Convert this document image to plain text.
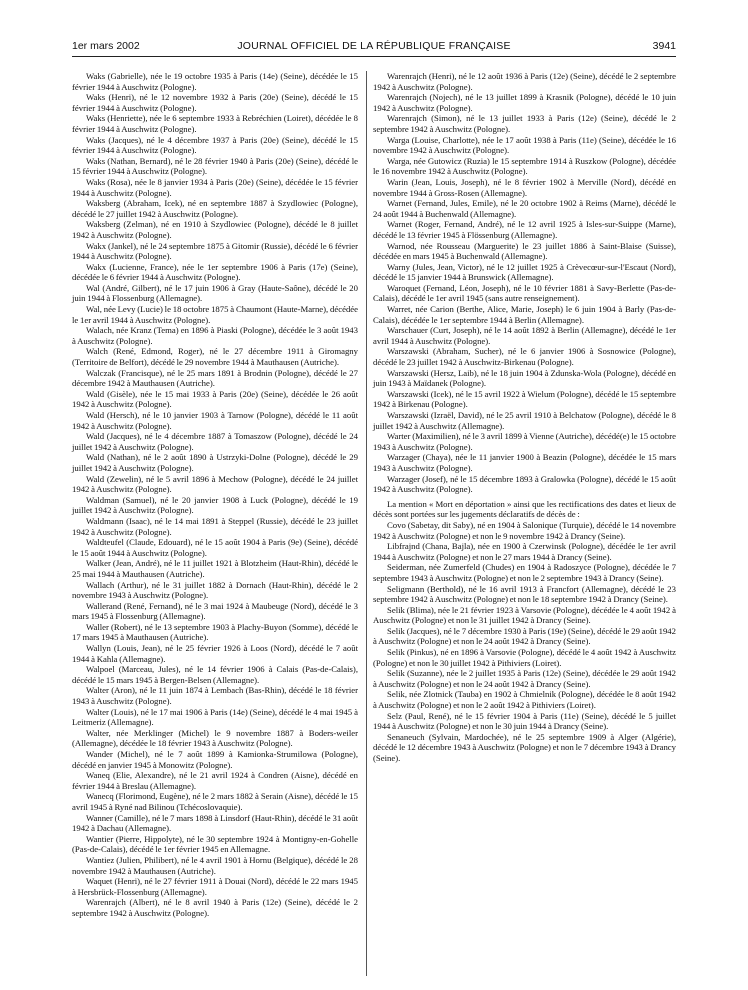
1er mars 2002	JOURNAL OFFICIEL DE LA RÉPUBLIQUE FRANÇAISE	3941

Waks (Gabrielle), née le 19 octobre 1935 à Paris (14e) (Seine), décédée le 15 février 1944 à Auschwitz (Pologne).

Waks (Henri), né le 12 novembre 1932 à Paris (20e) (Seine), décédé le 15 février 1944 à Auschwitz (Pologne).

Waks (Henriette), née le 6 septembre 1933 à Rebréchien (Loiret), décédée le 8 février 1944 à Auschwitz (Pologne).

Waks (Jacques), né le 4 décembre 1937 à Paris (20e) (Seine), décédé le 15 février 1944 à Auschwitz (Pologne).

Waks (Nathan, Bernard), né le 28 février 1940 à Paris (20e) (Seine), décédé le 15 février 1944 à Auschwitz (Pologne).

Waks (Rosa), née le 8 janvier 1934 à Paris (20e) (Seine), décédée le 15 février 1944 à Auschwitz (Pologne).

Waksberg (Abraham, Icek), né en septembre 1887 à Szydlowiec (Pologne), décédé le 27 juillet 1942 à Auschwitz (Pologne).

Waksberg (Zelman), né en 1910 à Szydlowiec (Pologne), décédé le 8 juillet 1942 à Auschwitz (Pologne).

Wakx (Jankel), né le 24 septembre 1875 à Gitomir (Russie), décédé le 6 février 1944 à Auschwitz (Pologne).

Wakx (Lucienne, France), née le 1er septembre 1906 à Paris (17e) (Seine), décédée le 6 février 1944 à Auschwitz (Pologne).

Wal (André, Gilbert), né le 17 juin 1906 à Gray (Haute-Saône), décédé le 20 juin 1944 à Flossenburg (Allemagne).

Wal, née Levy (Lucie) le 18 octobre 1875 à Chaumont (Haute-Marne), décédée le 1er avril 1944 à Auschwitz (Pologne).

Walach, née Kranz (Tema) en 1896 à Piaski (Pologne), décédée le 3 août 1943 à Auschwitz (Pologne).

Walch (René, Edmond, Roger), né le 27 décembre 1911 à Giromagny (Territoire de Belfort), décédé le 29 novembre 1944 à Mauthausen (Autriche).

Walczak (Francisque), né le 25 mars 1891 à Brodnin (Pologne), décédé le 27 décembre 1942 à Mauthausen (Autriche).

Wald (Gisèle), née le 15 mai 1933 à Paris (20e) (Seine), décédée le 26 août 1942 à Auschwitz (Pologne).

Wald (Hersch), né le 10 janvier 1903 à Tarnow (Pologne), décédé le 11 août 1942 à Auschwitz (Pologne).

Wald (Jacques), né le 4 décembre 1887 à Tomaszow (Pologne), décédé le 24 juillet 1942 à Auschwitz (Pologne).

Wald (Nathan), né le 2 août 1890 à Ustrzyki-Dolne (Pologne), décédé le 29 juillet 1942 à Auschwitz (Pologne).

Wald (Zewelin), né le 5 avril 1896 à Mechow (Pologne), décédé le 24 juillet 1942 à Auschwitz (Pologne).

Waldman (Samuel), né le 20 janvier 1908 à Luck (Pologne), décédé le 19 juillet 1942 à Auschwitz (Pologne).

Waldmann (Isaac), né le 14 mai 1891 à Steppel (Russie), décédé le 23 juillet 1942 à Auschwitz (Pologne).

Waldteufel (Claude, Edouard), né le 15 août 1904 à Paris (9e) (Seine), décédé le 15 août 1944 à Auschwitz (Pologne).

Walker (Jean, André), né le 11 juillet 1921 à Blotzheim (Haut-Rhin), décédé le 25 mai 1944 à Mauthausen (Autriche).

Wallach (Arthur), né le 31 juillet 1882 à Dornach (Haut-Rhin), décédé le 2 novembre 1943 à Auschwitz (Pologne).

Wallerand (René, Fernand), né le 3 mai 1924 à Maubeuge (Nord), décédé le 3 mars 1945 à Flossenburg (Allemagne).

Waller (Robert), né le 13 septembre 1903 à Plachy-Buyon (Somme), décédé le 17 mars 1945 à Mauthausen (Autriche).

Wallyn (Louis, Jean), né le 25 février 1926 à Loos (Nord), décédé le 7 août 1944 à Kahla (Allemagne).

Walpoel (Marceau, Jules), né le 14 février 1906 à Calais (Pas-de-Calais), décédé le 15 mars 1945 à Bergen-Belsen (Allemagne).

Walter (Aron), né le 11 juin 1874 à Lembach (Bas-Rhin), décédé le 18 février 1943 à Auschwitz (Pologne).

Walter (Louis), né le 17 mai 1906 à Paris (14e) (Seine), décédé le 4 mai 1945 à Leitmeriz (Allemagne).

Walter, née Merklinger (Michel) le 9 novembre 1887 à Boders-weiler (Allemagne), décédée le 18 février 1943 à Auschwitz (Pologne).

Wander (Michel), né le 7 août 1899 à Kamionka-Strumilowa (Pologne), décédé en janvier 1945 à Monowitz (Pologne).

Waneq (Elie, Alexandre), né le 21 avril 1924 à Condren (Aisne), décédé en février 1944 à Breslau (Allemagne).

Wanecq (Florimond, Eugène), né le 2 mars 1882 à Serain (Aisne), décédé le 15 avril 1945 à Ryné nad Bilinou (Tchécoslovaquie).

Wanner (Camille), né le 7 mars 1898 à Linsdorf (Haut-Rhin), décédé le 31 août 1942 à Dachau (Allemagne).

Wantier (Pierre, Hippolyte), né le 30 septembre 1924 à Montigny-en-Gohelle (Pas-de-Calais), décédé le 1er février 1945 en Allemagne.

Wantiez (Julien, Philibert), né le 4 avril 1901 à Hornu (Belgique), décédé le 28 novembre 1942 à Mauthausen (Autriche).

Waquet (Henri), né le 27 février 1911 à Douai (Nord), décédé le 22 mars 1945 à Hersbrück-Flossenburg (Allemagne).

Warenrajch (Albert), né le 8 avril 1940 à Paris (12e) (Seine), décédé le 2 septembre 1942 à Auschwitz (Pologne).

Warenrajch (Henri), né le 12 août 1936 à Paris (12e) (Seine), décédé le 2 septembre 1942 à Auschwitz (Pologne).

Warenrajch (Nojech), né le 13 juillet 1899 à Krasnik (Pologne), décédé le 10 juin 1942 à Auschwitz (Pologne).

Warenrajch (Simon), né le 13 juillet 1933 à Paris (12e) (Seine), décédé le 2 septembre 1942 à Auschwitz (Pologne).

Warga (Louise, Charlotte), née le 17 août 1938 à Paris (11e) (Seine), décédée le 16 novembre 1942 à Auschwitz (Pologne).

Warga, née Gutowicz (Ruzia) le 15 septembre 1914 à Ruszkow (Pologne), décédée le 16 novembre 1942 à Auschwitz (Pologne).

Warin (Jean, Louis, Joseph), né le 8 février 1902 à Merville (Nord), décédé en novembre 1944 à Gross-Rosen (Allemagne).

Warnet (Fernand, Jules, Emile), né le 20 octobre 1902 à Reims (Marne), décédé le 24 août 1944 à Buchenwald (Allemagne).

Warnet (Roger, Fernand, André), né le 12 avril 1925 à Isles-sur-Suippe (Marne), décédé le 13 février 1945 à Flössenburg (Allemagne).

Warnod, née Rousseau (Marguerite) le 23 juillet 1886 à Saint-Blaise (Suisse), décédée en mars 1945 à Buchenwald (Allemagne).

Warny (Jules, Jean, Victor), né le 12 juillet 1925 à Crèvecœur-sur-l'Escaut (Nord), décédé le 15 janvier 1944 à Brunswick (Allemagne).

Waroquet (Fernand, Léon, Joseph), né le 10 février 1881 à Savy-Berlette (Pas-de-Calais), décédé le 1er avril 1945 (sans autre renseignement).

Warret, née Carion (Berthe, Alice, Marie, Joseph) le 6 juin 1904 à Barly (Pas-de-Calais), décédée le 1er septembre 1944 à Berlin (Allemagne).

Warschauer (Curt, Joseph), né le 14 août 1892 à Berlin (Allemagne), décédé le 1er avril 1944 à Auschwitz (Pologne).

Warszawski (Abraham, Sucher), né le 6 janvier 1906 à Sosnowice (Pologne), décédé le 23 juillet 1942 à Auschwitz-Birkenau (Pologne).

Warszawski (Hersz, Laib), né le 18 juin 1904 à Zdunska-Wola (Pologne), décédé en juin 1943 à Maïdanek (Pologne).

Warszawski (Icek), né le 15 avril 1922 à Wielum (Pologne), décédé le 15 septembre 1942 à Birkenau (Pologne).

Warszawski (Izraël, David), né le 25 avril 1910 à Belchatow (Pologne), décédé le 8 juillet 1942 à Auschwitz (Allemagne).

Warter (Maximilien), né le 3 avril 1899 à Vienne (Autriche), décédé(e) le 15 octobre 1943 à Auschwitz (Pologne).

Warzager (Chaya), née le 11 janvier 1900 à Beazin (Pologne), décédée le 15 mars 1943 à Auschwitz (Pologne).

Warzager (Josef), né le 15 décembre 1893 à Gralowka (Pologne), décédé le 15 août 1942 à Auschwitz (Pologne).

La mention « Mort en déportation » ainsi que les rectifications des dates et lieux de décès sont portées sur les jugements déclaratifs de décès de :

Covo (Sabetay, dit Saby), né en 1904 à Salonique (Turquie), décédé le 14 novembre 1942 à Auschwitz (Pologne) et non le 9 novembre 1942 à Drancy (Seine).

Libfrajnd (Chana, Bajla), née en 1900 à Czerwinsk (Pologne), décédée le 1er avril 1944 à Auschwitz (Pologne) et non le 27 mars 1944 à Drancy (Seine).

Seiderman, née Zumerfeld (Chudes) en 1904 à Radoszyce (Pologne), décédée le 7 septembre 1943 à Auschwitz (Pologne) et non le 2 septembre 1943 à Drancy (Seine).

Seligmann (Berthold), né le 16 avril 1913 à Francfort (Allemagne), décédé le 23 septembre 1942 à Auschwitz (Pologne) et non le 18 septembre 1942 à Drancy (Seine).

Selik (Blima), née le 21 février 1923 à Varsovie (Pologne), décédée le 4 août 1942 à Auschwitz (Pologne) et non le 31 juillet 1942 à Drancy (Seine).

Selik (Jacques), né le 7 décembre 1930 à Paris (19e) (Seine), décédé le 29 août 1942 à Auschwitz (Pologne) et non le 24 août 1942 à Drancy (Seine).

Selik (Pinkus), né en 1896 à Varsovie (Pologne), décédé le 4 août 1942 à Auschwitz (Pologne) et non le 30 juillet 1942 à Pithiviers (Loiret).

Selik (Suzanne), née le 2 juillet 1935 à Paris (12e) (Seine), décédée le 29 août 1942 à Auschwitz (Pologne) et non le 24 août 1942 à Drancy (Seine).

Selik, née Zlotnick (Tauba) en 1902 à Chmielnik (Pologne), décédée le 8 août 1942 à Auschwitz (Pologne) et non le 2 août 1942 à Pithiviers (Loiret).

Selz (Paul, René), né le 15 février 1904 à Paris (11e) (Seine), décédé le 5 juillet 1944 à Auschwitz (Pologne) et non le 30 juin 1944 à Drancy (Seine).

Senaneuch (Sylvain, Mardochée), né le 25 septembre 1909 à Alger (Algérie), décédé le 12 décembre 1943 à Auschwitz (Pologne) et non le 7 décembre 1943 à Drancy (Seine).
